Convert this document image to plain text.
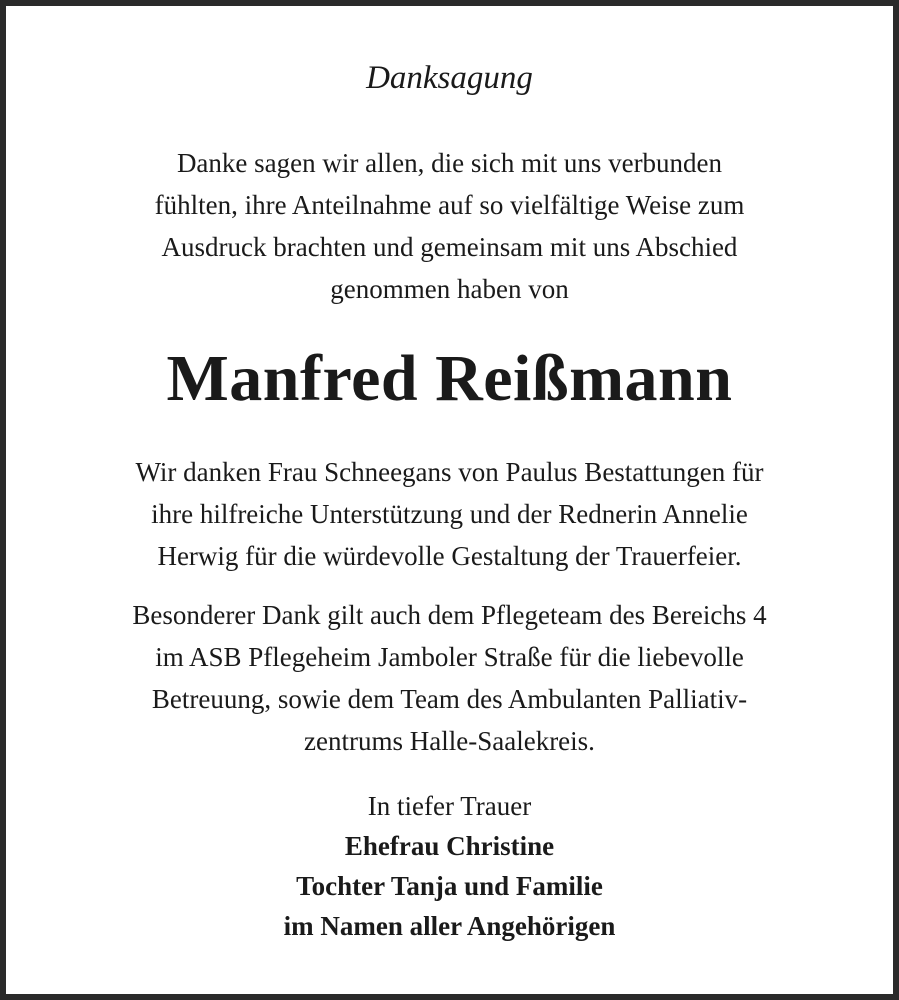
Danksagung
Danke sagen wir allen, die sich mit uns verbunden
fühlten, ihre Anteilnahme auf so vielfältige Weise zum
Ausdruck brachten und gemeinsam mit uns Abschied
genommen haben von
Manfred Reißmann
Wir danken Frau Schneegans von Paulus Bestattungen für
ihre hilfreiche Unterstützung und der Rednerin Annelie
Herwig für die würdevolle Gestaltung der Trauerfeier.
Besonderer Dank gilt auch dem Pflegeteam des Bereichs 4
im ASB Pflegeheim Jamboler Straße für die liebevolle
Betreuung, sowie dem Team des Ambulanten Palliativ-
zentrums Halle-Saalekreis.
In tiefer Trauer
Ehefrau Christine
Tochter Tanja und Familie
im Namen aller Angehörigen
